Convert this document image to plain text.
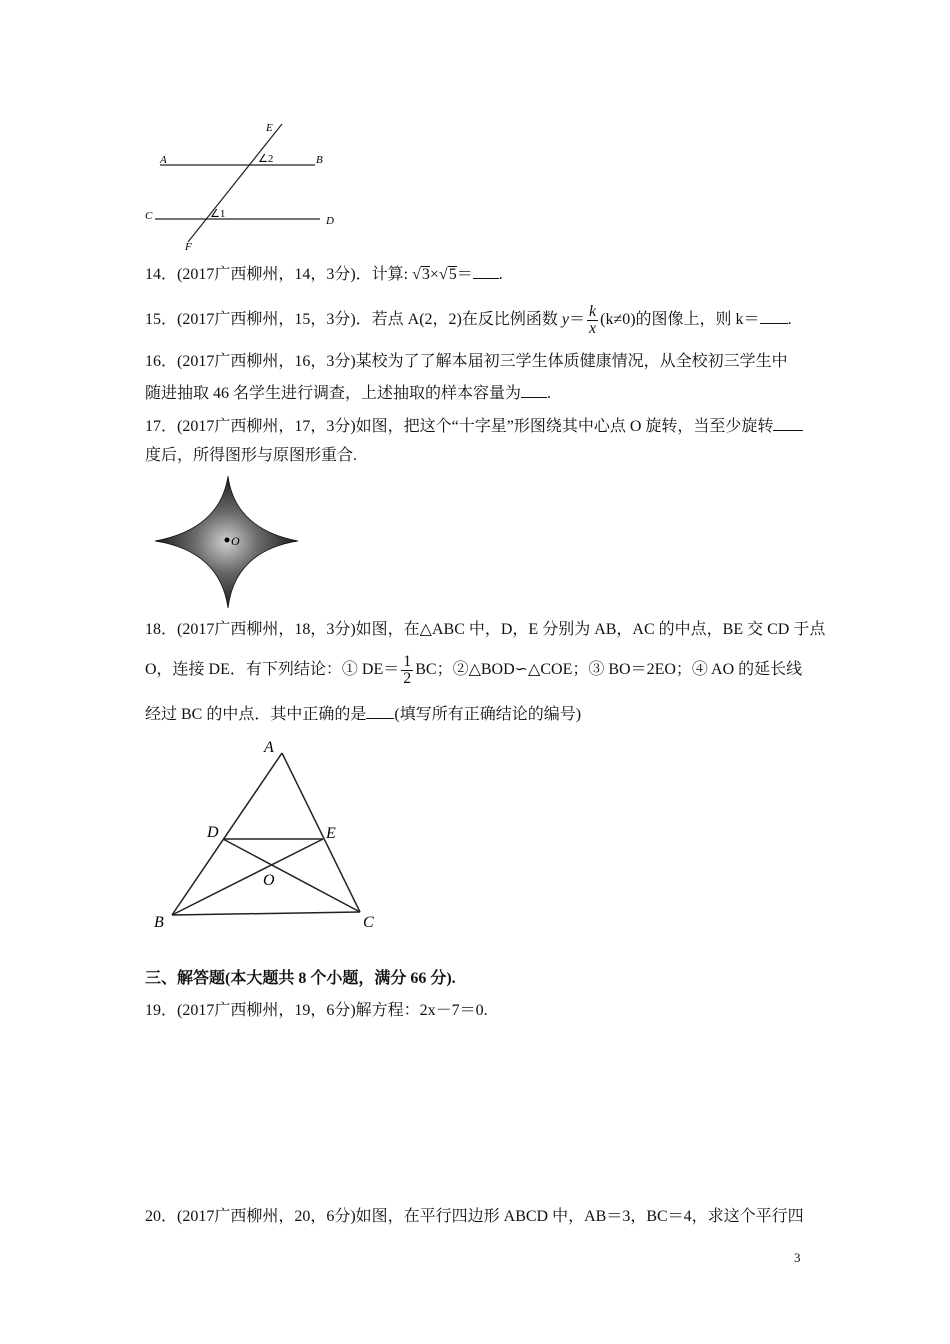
E
A	B
∠2
C	D
∠1
F
14．(2017广西柳州，14，3分)．计算: √3×√5＝ .
15．(2017广西柳州，15，3分)．若点 A(2，2)在反比例函数 $y= \frac{k}{x} (k\ne 0)$的图像上，则 k＝ .
16．(2017广西柳州，16，3分)某校为了了解本届初三学生体质健康情况，从全校初三学生中
随进抽取 46 名学生进行调查，上述抽取的样本容量为 .
17．(2017广西柳州，17，3分)如图，把这个“十字星”形图绕其中心点 O 旋转，当至少旋转
度后，所得图形与原图形重合.
O
18．(2017广西柳州，18，3分)如图，在△ABC 中，D，E 分别为 AB，AC 的中点，BE 交 CD 于点
O，连接 DE．有下列结论：① $DE= \frac{1}{2}$ BC；②△BOD∽△COE；③ BO＝2EO；④ AO 的延长线
经过 BC 的中点．其中正确的是 (填写所有正确结论的编号)
A
D	E
O
B	C
三、解答题(本大题共 8 个小题，满分 66 分).
19．(2017广西柳州，19，6分)解方程：2x－7＝0.
20．(2017广西柳州，20，6分)如图，在平行四边形 ABCD 中，AB＝3，BC＝4，求这个平行四
3
